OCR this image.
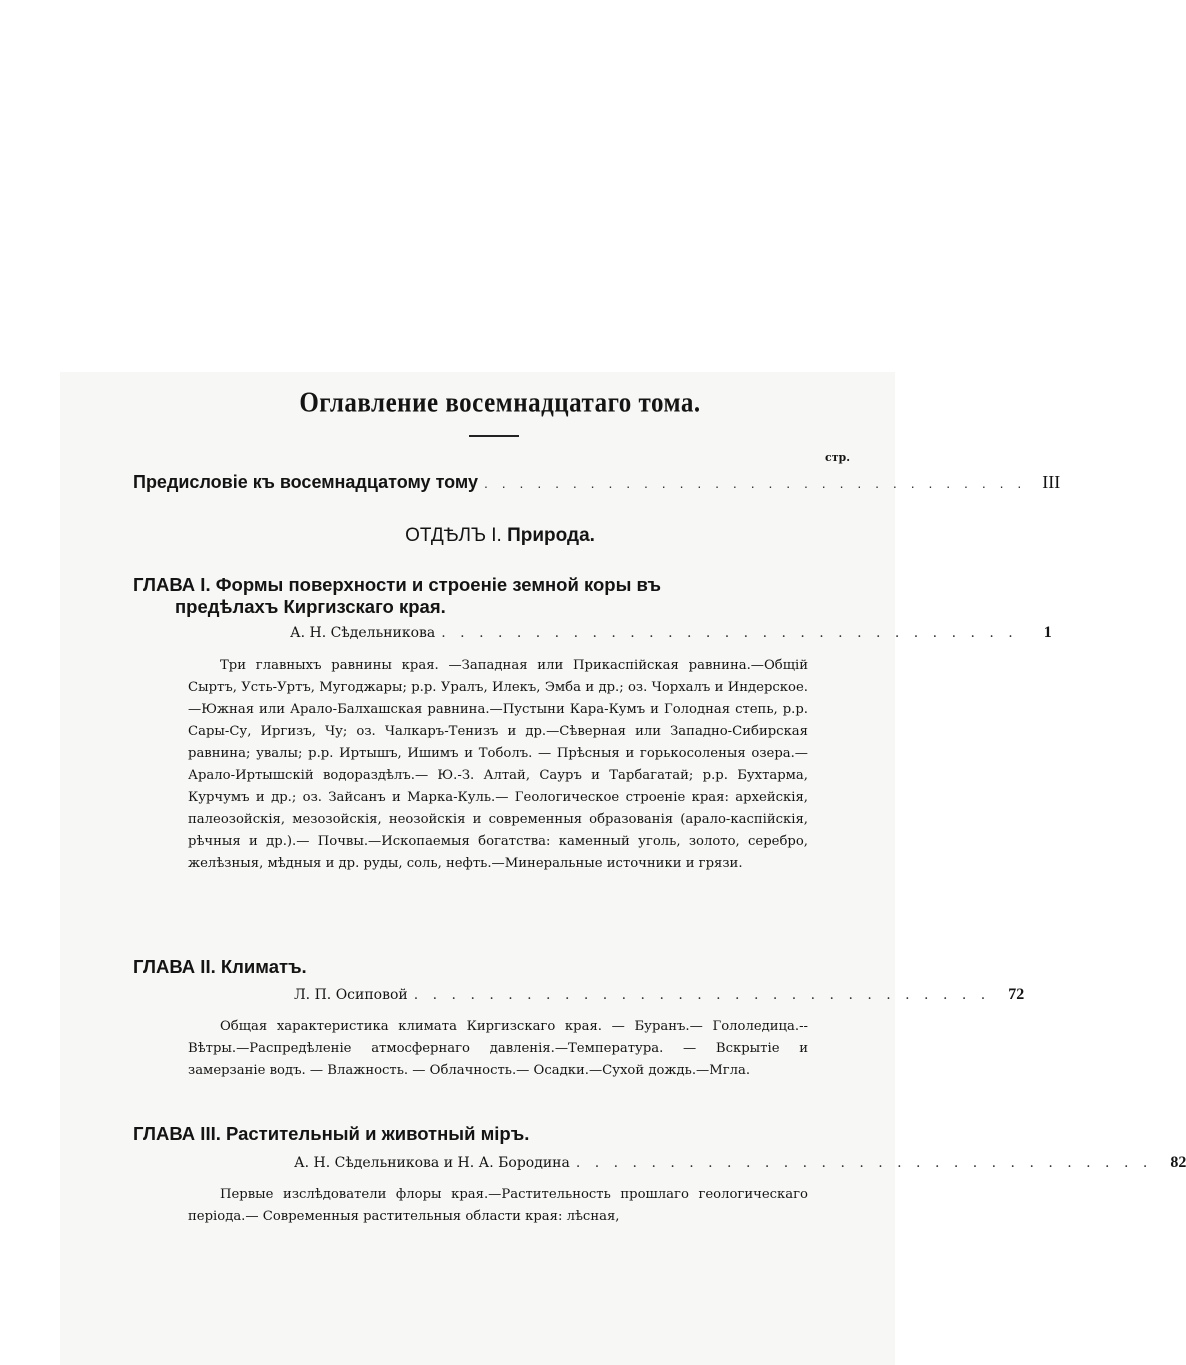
Оглавление восемнадцатаго тома.
стр.
Предисловіе къ восемнадцатому тому . . . . . . . . . . . . . . . . . . . . . . . . . . . . . . . III
ОТДѢЛЪ I. Природа.
ГЛАВА I. Формы поверхности и строеніе земной коры въ
предѣлахъ Киргизскаго края.
А. Н. Сѣдельникова . . . . . . . . . . . . . . . . . . . . . . . . . . . . . . .	1

Три главныхъ равнины края. —Западная или Прикаспійская равнина.—Общій Сыртъ, Усть-Уртъ, Мугоджары; р.р. Уралъ, Илекъ, Эмба и др.; оз. Чорхалъ и Индерское.—Южная или Арало-Балхашская равнина.—Пустыни Кара-Кумъ и Голодная степь, р.р. Сары-Су, Иргизъ, Чу; оз. Чалкаръ-Тенизъ и др.—Сѣверная или Западно-Сибирская равнина; увалы; р.р. Иртышъ, Ишимъ и Тоболъ. — Прѣсныя и горькосоленыя озера.—Арало-Иртышскій водораздѣлъ.— Ю.-З. Алтай, Сауръ и Тарбагатай; р.р. Бухтарма, Курчумъ и др.; оз. Зайсанъ и Марка-Куль.— Геологическое строеніе края: архейскія, палеозойскія, мезозойскія, неозойскія и современныя образованія (арало-каспійскія, рѣчныя и др.).— Почвы.—Ископаемыя богатства: каменный уголь, золото, серебро, желѣзныя, мѣдныя и др. руды, соль, нефть.—Минеральные источники и грязи.

ГЛАВА II. Климатъ.
Л. П. Осиповой . . . . . . . . . . . . . . . . . . . . . . . . . . . . . . .	72

Общая характеристика климата Киргизскаго края. — Буранъ.— Гололедица.--Вѣтры.—Распредѣленіе атмосфернаго давленія.—Температура. — Вскрытіе и замерзаніе водъ. — Влажность. — Облачность.— Осадки.—Сухой дождь.—Мгла.

ГЛАВА III. Растительный и животный міръ.
А. Н. Сѣдельникова и Н. А. Бородина . . . . . . . . . . . . . . . . . . . . . . . . . . . . . . .	82

Первые изслѣдователи флоры края.—Растительность прошлаго геологическаго періода.— Современныя растительныя области края: лѣсная,
